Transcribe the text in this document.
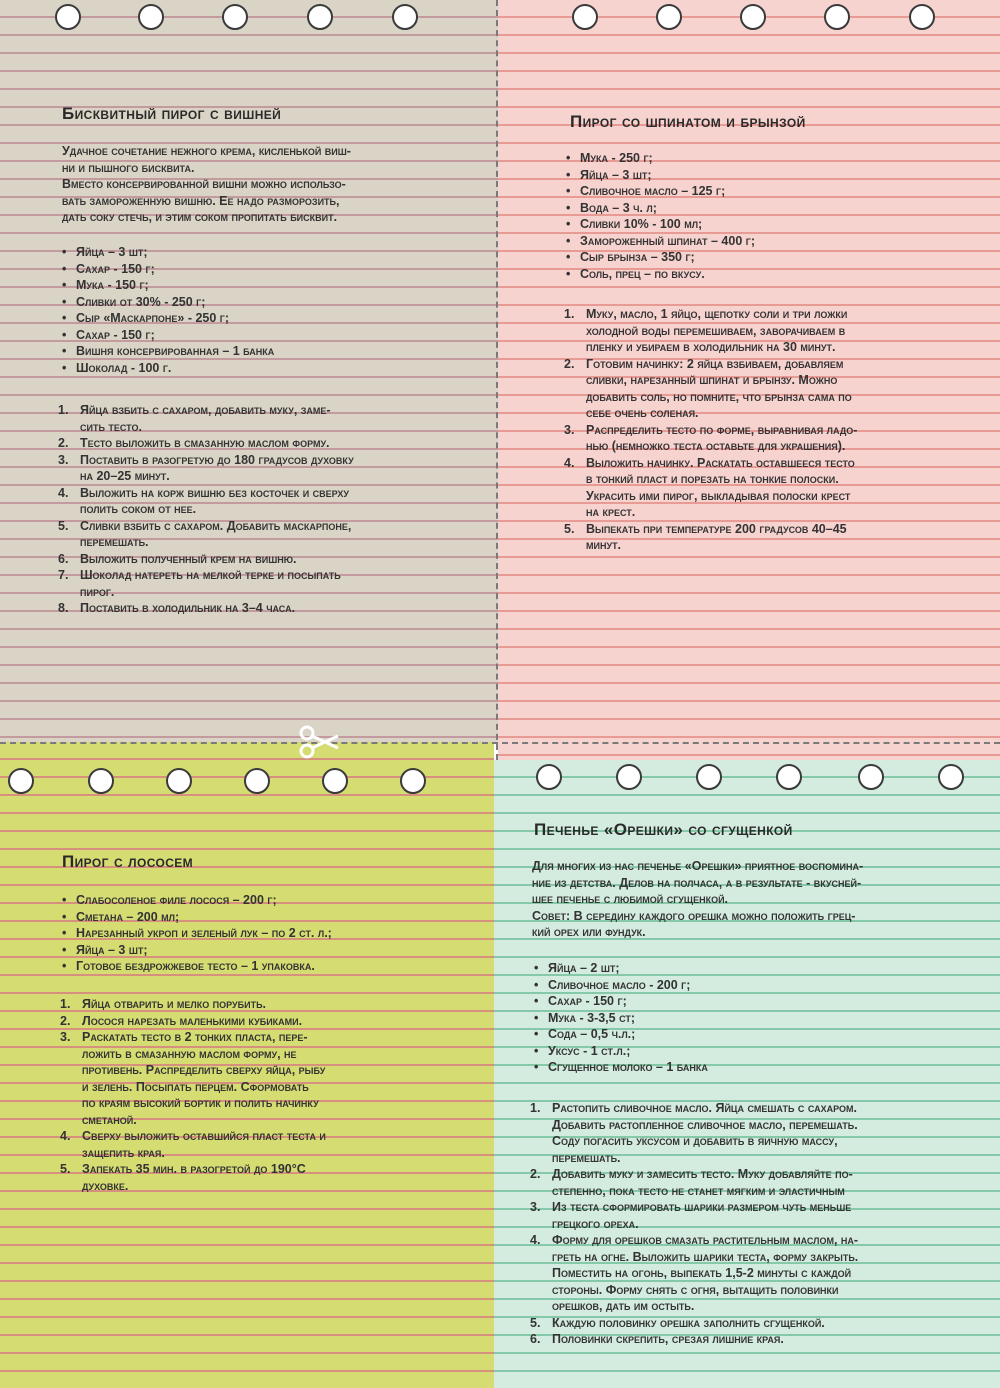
Бисквитный пирог с вишней
Удачное сочетание нежного крема, кисленькой виш-
ни и пышного бисквита.
Вместо консервированной вишни можно использо-
вать замороженную вишню. Ее надо разморозить,
дать соку стечь, и этим соком пропитать бисквит.
• Яйца – 3 шт;
• Сахар - 150 г;
• Мука - 150 г;
• Сливки от 30% - 250 г;
• Сыр «Маскарпоне» - 250 г;
• Сахар - 150 г;
• Вишня консервированная – 1 банка
• Шоколад - 100 г.
1. Яйца взбить с сахаром, добавить муку, заме-
сить тесто.
2. Тесто выложить в смазанную маслом форму.
3. Поставить в разогретую до 180 градусов духовку
на 20–25 минут.
4. Выложить на корж вишню без косточек и сверху
полить соком от нее.
5. Сливки взбить с сахаром. Добавить маскарпоне,
перемешать.
6. Выложить полученный крем на вишню.
7. Шоколад натереть на мелкой терке и посыпать
пирог.
8. Поставить в холодильник на 3–4 часа.
Пирог со шпинатом и брынзой
• Мука - 250 г;
• Яйца – 3 шт;
• Сливочное масло – 125 г;
• Вода – 3 ч. л;
• Сливки 10% - 100 мл;
• Замороженный шпинат – 400 г;
• Сыр брынза – 350 г;
• Соль, прец – по вкусу.
1. Муку, масло, 1 яйцо, щепотку соли и три ложки
холодной воды перемешиваем, заворачиваем в
пленку и убираем в холодильник на 30 минут.
2. Готовим начинку: 2 яйца взбиваем, добавляем
сливки, нарезанный шпинат и брынзу. Можно
добавить соль, но помните, что брынза сама по
себе очень соленая.
3. Распределить тесто по форме, выравнивая ладо-
нью (немножко теста оставьте для украшения).
4. Выложить начинку. Раскатать оставшееся тесто
в тонкий пласт и порезать на тонкие полоски.
Украсить ими пирог, выкладывая полоски крест
на крест.
5. Выпекать при температуре 200 градусов 40–45
минут.
Пирог с лососем
• Слабосоленое филе лосося – 200 г;
• Сметана – 200 мл;
• Нарезанный укроп и зеленый лук – по 2 ст. л.;
• Яйца – 3 шт;
• Готовое бездрожжевое тесто – 1 упаковка.
1. Яйца отварить и мелко порубить.
2. Лосося нарезать маленькими кубиками.
3. Раскатать тесто в 2 тонких пласта, пере-
ложить в смазанную маслом форму, не
противень. Распределить сверху яйца, рыбу
и зелень. Посыпать перцем. Сформовать
по краям высокий бортик и полить начинку
сметаной.
4. Сверху выложить оставшийся пласт теста и
защепить края.
5. Запекать 35 мин. в разогретой до 190°С
духовке.
Печенье «Орешки» со сгущенкой
Для многих из нас печенье «Орешки» приятное воспомина-
ние из детства. Делов на полчаса, а в результате - вкусней-
шее печенье с любимой сгущенкой.
Совет: В середину каждого орешка можно положить грец-
кий орех или фундук.
• Яйца – 2 шт;
• Сливочное масло - 200 г;
• Сахар - 150 г;
• Мука - 3-3,5 ст;
• Сода – 0,5 ч.л.;
• Уксус - 1 ст.л.;
• Сгущенное молоко – 1 банка
1. Растопить сливочное масло. Яйца смешать с сахаром.
Добавить растопленное сливочное масло, перемешать.
Соду погасить уксусом и добавить в яичную массу,
перемешать.
2. Добавить муку и замесить тесто. Муку добавляйте по-
степенно, пока тесто не станет мягким и эластичным
3. Из теста сформировать шарики размером чуть меньше
грецкого ореха.
4. Форму для орешков смазать растительным маслом, на-
греть на огне. Выложить шарики теста, форму закрыть.
Поместить на огонь, выпекать 1,5-2 минуты с каждой
стороны. Форму снять с огня, вытащить половинки
орешков, дать им остыть.
5. Каждую половинку орешка заполнить сгущенкой.
6. Половинки скрепить, срезая лишние края.
